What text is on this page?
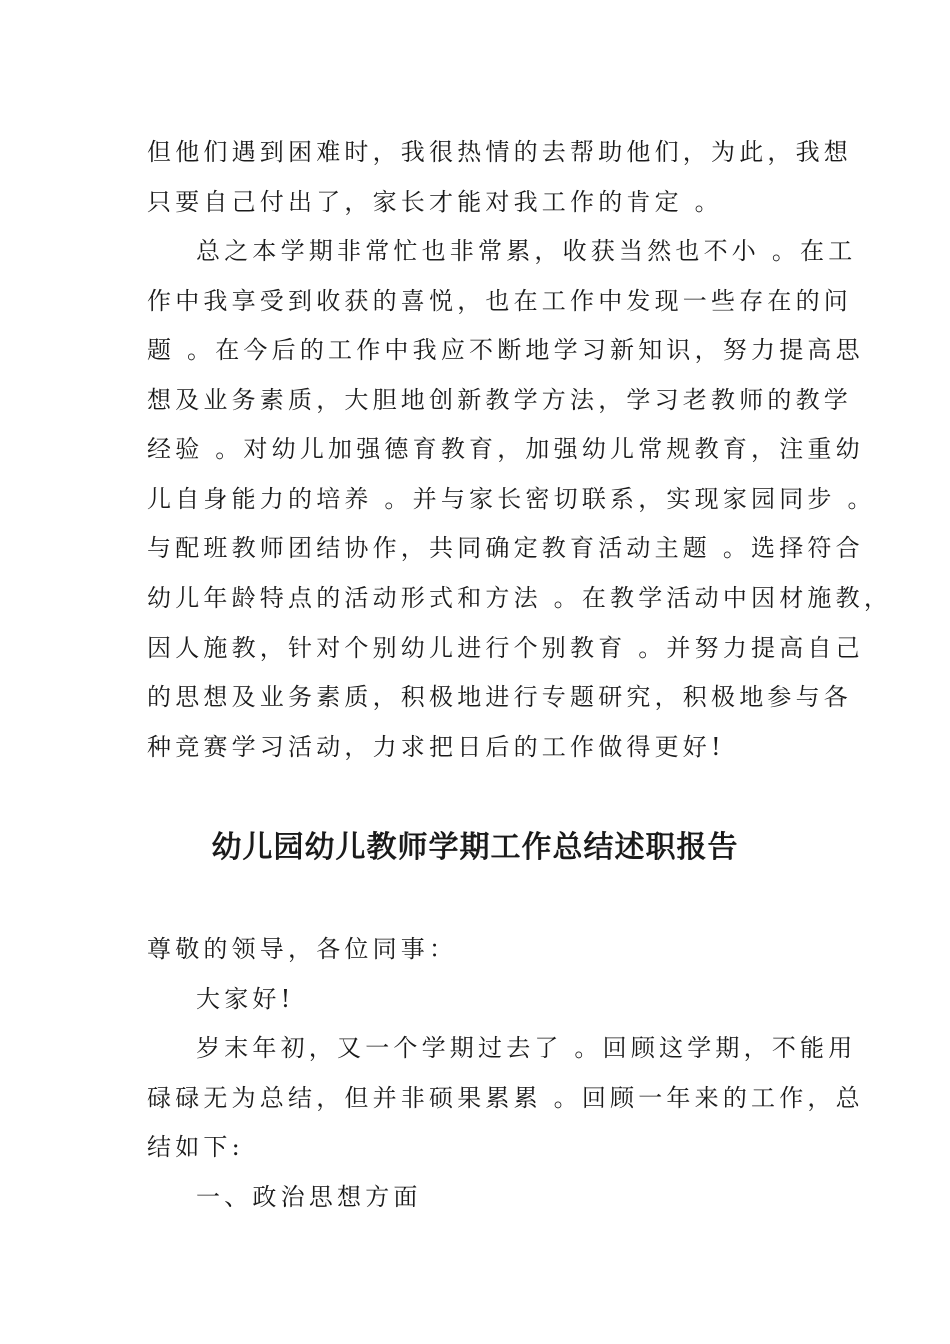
但他们遇到困难时，我很热情的去帮助他们，为此，我想
只要自己付出了，家长才能对我工作的肯定 。
总之本学期非常忙也非常累，收获当然也不小 。在工
作中我享受到收获的喜悦，也在工作中发现一些存在的问
题 。在今后的工作中我应不断地学习新知识，努力提高思
想及业务素质，大胆地创新教学方法，学习老教师的教学
经验 。对幼儿加强德育教育，加强幼儿常规教育，注重幼
儿自身能力的培养 。并与家长密切联系，实现家园同步 。
与配班教师团结协作，共同确定教育活动主题 。选择符合
幼儿年龄特点的活动形式和方法 。在教学活动中因材施教，
因人施教，针对个别幼儿进行个别教育 。并努力提高自己
的思想及业务素质，积极地进行专题研究，积极地参与各
种竞赛学习活动，力求把日后的工作做得更好!
幼儿园幼儿教师学期工作总结述职报告
尊敬的领导，各位同事：
大家好!
岁末年初，又一个学期过去了 。回顾这学期，不能用
碌碌无为总结，但并非硕果累累 。回顾一年来的工作，总
结如下:
一、政治思想方面
